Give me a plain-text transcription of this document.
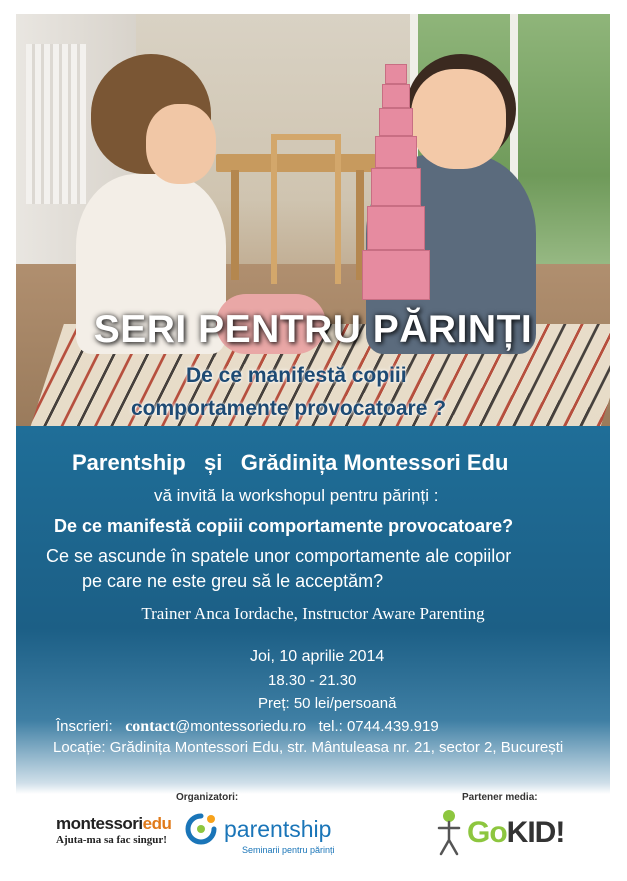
SERI PENTRU PĂRINȚI
De ce manifestă copiii
comportamente provocatoare ?
Parentship   și   Grădinița Montessori Edu
vă invită la workshopul pentru părinți :
De ce manifestă copiii comportamente provocatoare?
Ce se ascunde în spatele unor comportamente ale copiilor
pe care ne este greu să le acceptăm?
Trainer Anca Iordache, Instructor Aware Parenting
Joi, 10 aprilie 2014
18.30 - 21.30
Preț: 50 lei/persoană
Înscrieri: contact@montessoriedu.ro tel.: 0744.439.919
Locație: Grădinița Montessori Edu, str. Mântuleasa nr. 21, sector 2, București
Organizatori:	Partener media:
montessoriedu
Ajuta-ma sa fac singur! parentship
Seminarii pentru părinți
GoKID!
